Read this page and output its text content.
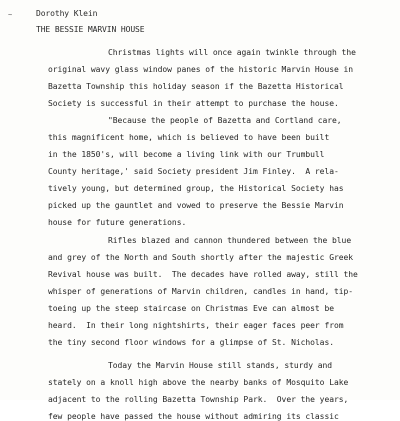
~	Dorothy Klein
THE BESSIE MARVIN HOUSE
Christmas lights will once again twinkle through the
original wavy glass window panes of the historic Marvin House in
Bazetta Township this holiday season if the Bazetta Historical
Society is successful in their attempt to purchase the house.
"Because the people of Bazetta and Cortland care,
this magnificent home, which is believed to have been built
in the 1850's, will become a living link with our Trumbull
County heritage,' said Society president Jim Finley.  A rela-
tively young, but determined group, the Historical Society has
picked up the gauntlet and vowed to preserve the Bessie Marvin
house for future generations.
Rifles blazed and cannon thundered between the blue
and grey of the North and South shortly after the majestic Greek
Revival house was built.  The decades have rolled away, still the
whisper of generations of Marvin children, candles in hand, tip-
toeing up the steep staircase on Christmas Eve can almost be
heard.  In their long nightshirts, their eager faces peer from
the tiny second floor windows for a glimpse of St. Nicholas.
Today the Marvin House still stands, sturdy and
stately on a knoll high above the nearby banks of Mosquito Lake
adjacent to the rolling Bazetta Township Park.  Over the years,
few people have passed the house without admiring its classic
